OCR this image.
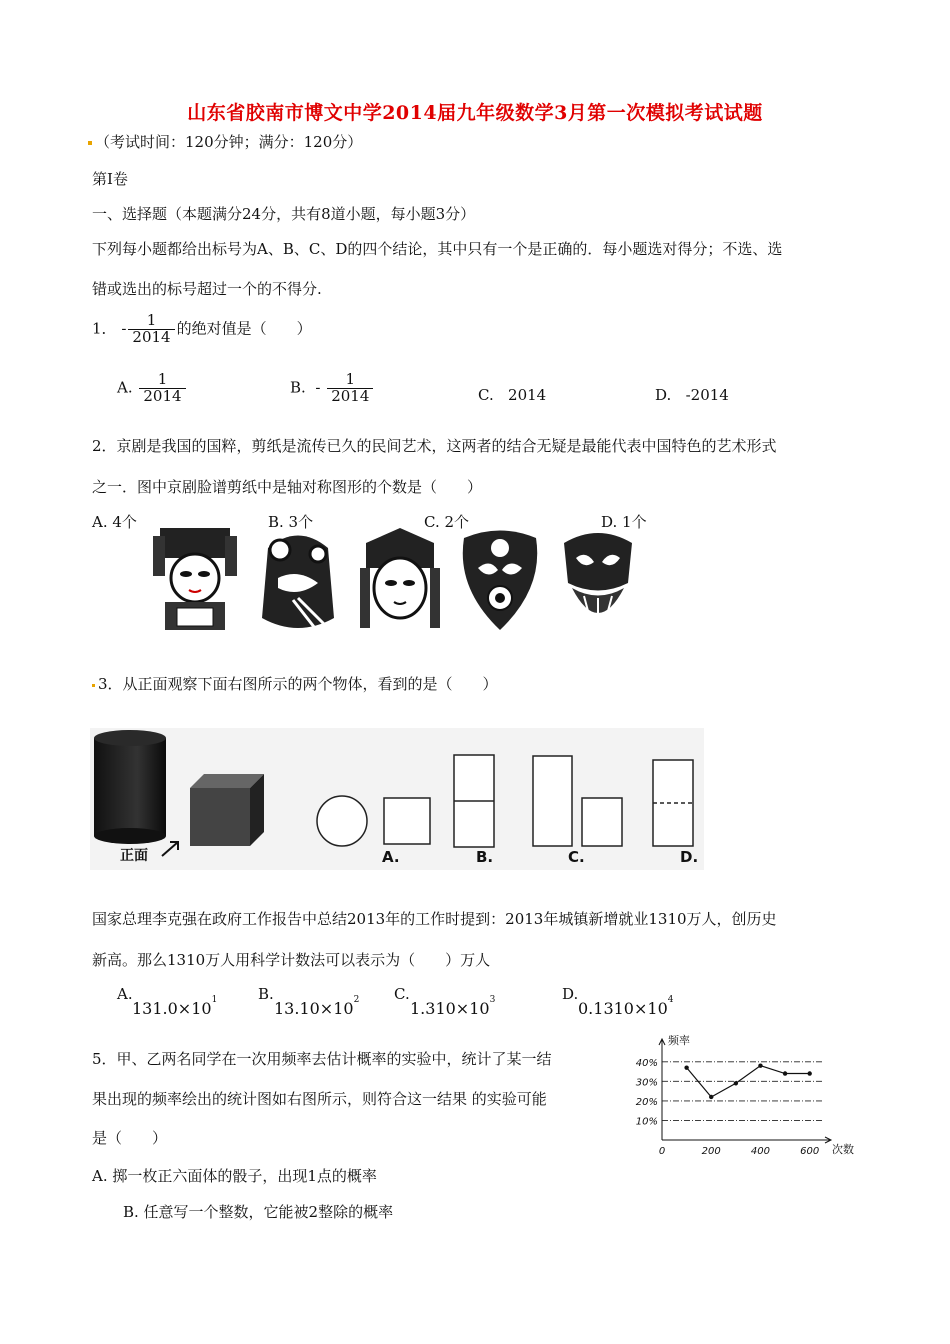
山东省胶南市博文中学2014届九年级数学3月第一次模拟考试试题
（考试时间：120分钟；满分：120分）
第I卷
一、选择题（本题满分24分，共有8道小题，每小题3分）
下列每小题都给出标号为A、B、C、D的四个结论，其中只有一个是正确的．每小题选对得分；不选、选
错或选出的标号超过一个的不得分.
1． - $\frac{1}{2014}$ 的绝对值是（　　）
A. $\frac{1}{2014}$	B. - $\frac{1}{2014}$	C. 2014	D. -2014
2．京剧是我国的国粹，剪纸是流传已久的民间艺术，这两者的结合无疑是最能代表中国特色的艺术形式
之一．图中京剧脸谱剪纸中是轴对称图形的个数是（　　）
A. 4个	B. 3个	C. 2个	D. 1个
3．从正面观察下面右图所示的两个物体，看到的是（　　）
正面	A.	B.	C.	D.
国家总理李克强在政府工作报告中总结2013年的工作时提到：2013年城镇新增就业1310万人，创历史
新高。那么1310万人用科学计数法可以表示为（　　）万人
A.
$131.0\times 10^1$	B.
$13.10\times 10^2$ C.
$1.310\times 10^3$	D.
$0.1310\times 10^4$
5．甲、乙两名同学在一次用频率去估计概率的实验中，统计了某一结
果出现的频率绘出的统计图如右图所示，则符合这一结果 的实验可能
是（　　）
A. 掷一枚正六面体的骰子，出现1点的概率
B. 任意写一个整数，它能被2整除的概率
频率
次数
10%
20%
30%
40%
0	200	400	600
